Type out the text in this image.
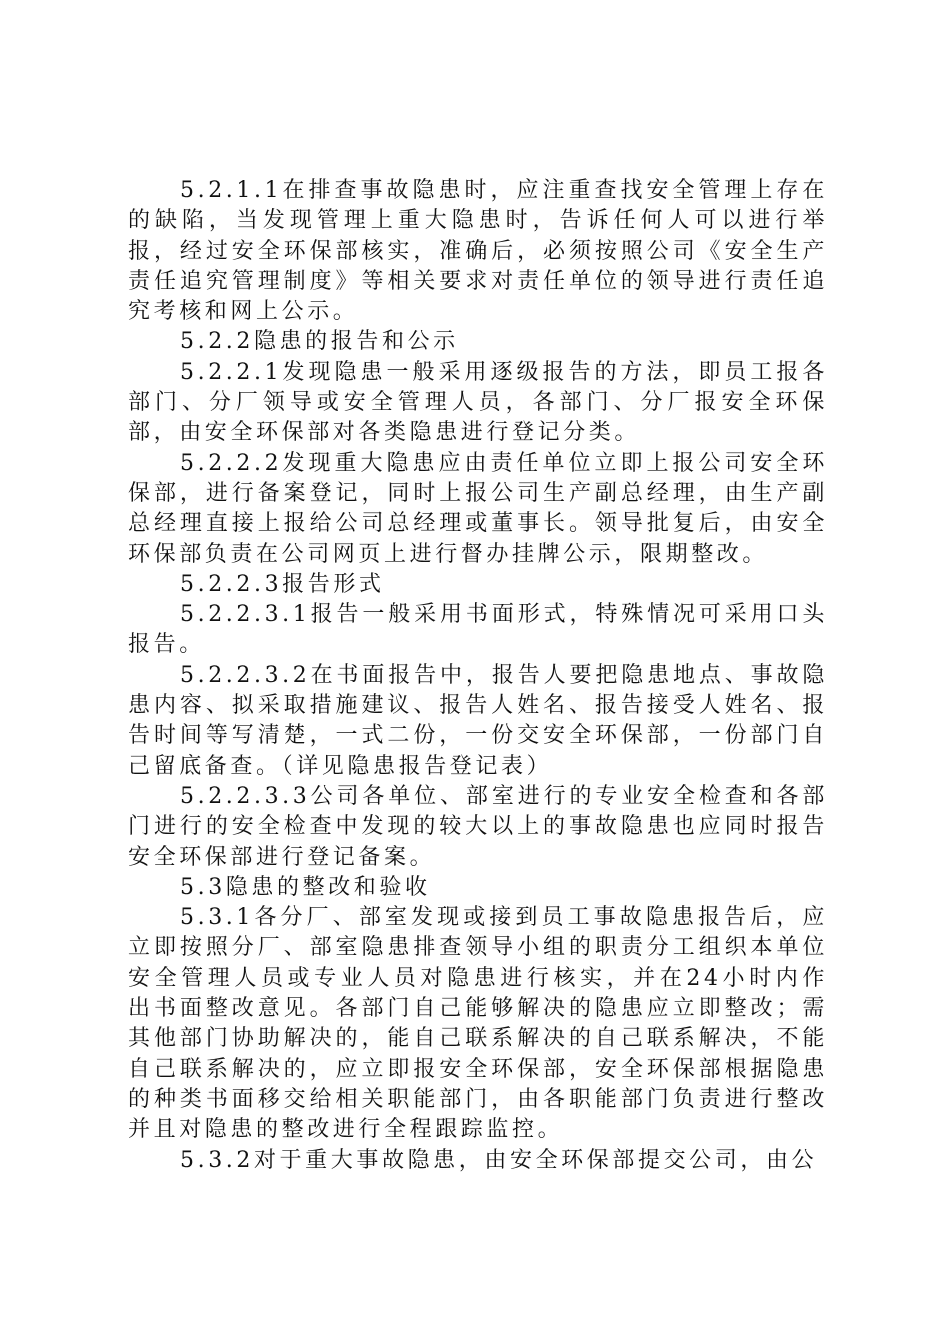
5.2.1.1在排查事故隐患时，应注重查找安全管理上存在的缺陷，当发现管理上重大隐患时，告诉任何人可以进行举报，经过安全环保部核实，准确后，必须按照公司《安全生产责任追究管理制度》等相关要求对责任单位的领导进行责任追究考核和网上公示。

5.2.2隐患的报告和公示

5.2.2.1发现隐患一般采用逐级报告的方法，即员工报各部门、分厂领导或安全管理人员，各部门、分厂报安全环保部，由安全环保部对各类隐患进行登记分类。

5.2.2.2发现重大隐患应由责任单位立即上报公司安全环保部，进行备案登记，同时上报公司生产副总经理，由生产副总经理直接上报给公司总经理或董事长。领导批复后，由安全环保部负责在公司网页上进行督办挂牌公示，限期整改。

5.2.2.3报告形式

5.2.2.3.1报告一般采用书面形式，特殊情况可采用口头报告。

5.2.2.3.2在书面报告中，报告人要把隐患地点、事故隐患内容、拟采取措施建议、报告人姓名、报告接受人姓名、报告时间等写清楚，一式二份，一份交安全环保部，一份部门自己留底备查。（详见隐患报告登记表）

5.2.2.3.3公司各单位、部室进行的专业安全检查和各部门进行的安全检查中发现的较大以上的事故隐患也应同时报告安全环保部进行登记备案。

5.3隐患的整改和验收

5.3.1各分厂、部室发现或接到员工事故隐患报告后，应立即按照分厂、部室隐患排查领导小组的职责分工组织本单位安全管理人员或专业人员对隐患进行核实，并在24小时内作出书面整改意见。各部门自己能够解决的隐患应立即整改；需其他部门协助解决的，能自己联系解决的自己联系解决，不能自己联系解决的，应立即报安全环保部，安全环保部根据隐患的种类书面移交给相关职能部门，由各职能部门负责进行整改并且对隐患的整改进行全程跟踪监控。

5.3.2对于重大事故隐患，由安全环保部提交公司，由公
